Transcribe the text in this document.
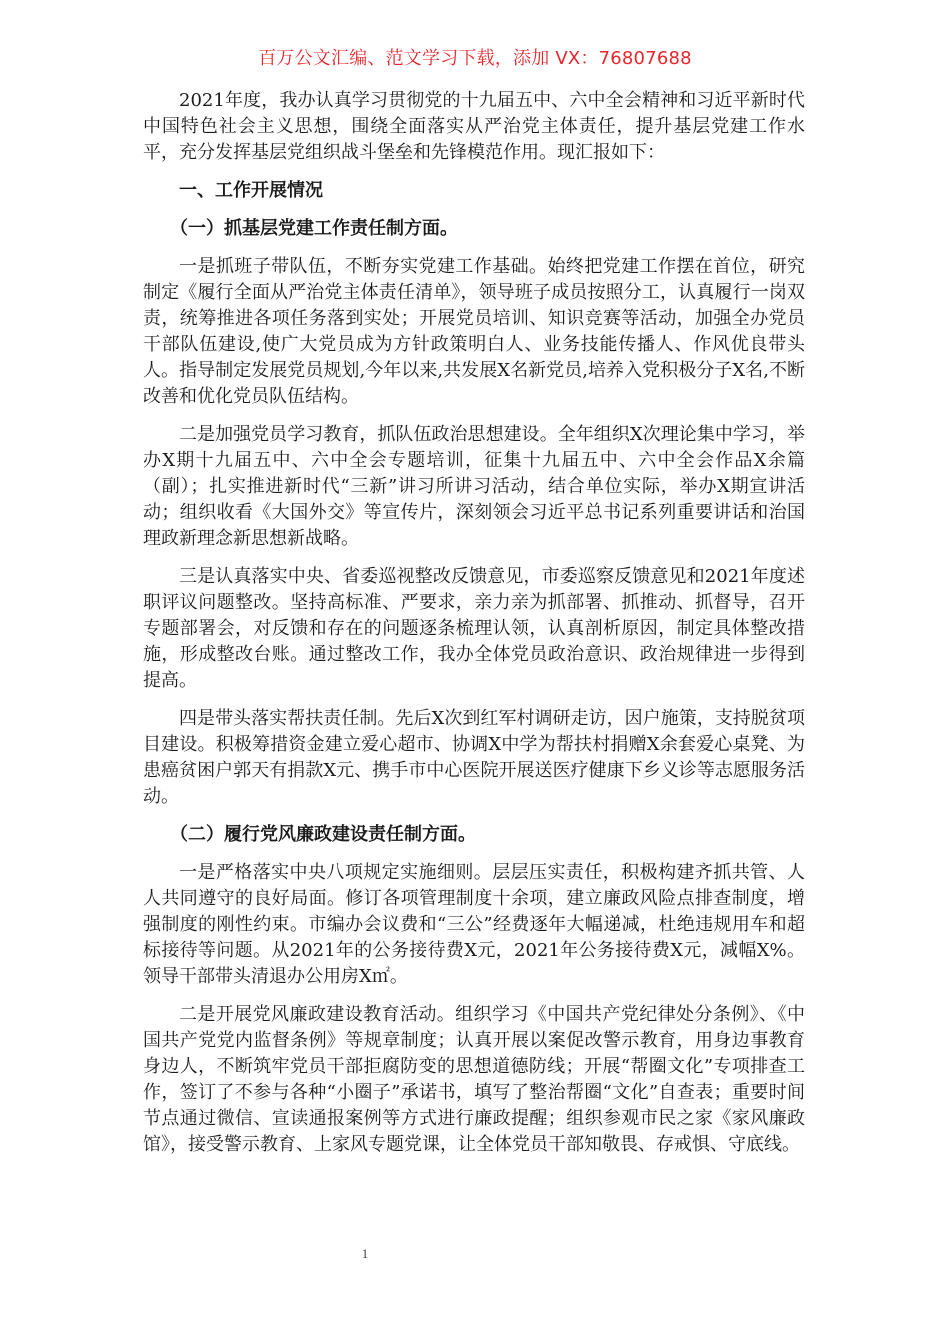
百万公文汇编、范文学习下载，添加 VX：76807688

2021年度，我办认真学习贯彻党的十九届五中、六中全会精神和习近平新时代中国特色社会主义思想，围绕全面落实从严治党主体责任，提升基层党建工作水平，充分发挥基层党组织战斗堡垒和先锋模范作用。现汇报如下：

一、工作开展情况

（一）抓基层党建工作责任制方面。

一是抓班子带队伍，不断夯实党建工作基础。始终把党建工作摆在首位，研究制定《履行全面从严治党主体责任清单》，领导班子成员按照分工，认真履行一岗双责，统筹推进各项任务落到实处；开展党员培训、知识竞赛等活动，加强全办党员干部队伍建设,使广大党员成为方针政策明白人、业务技能传播人、作风优良带头人。指导制定发展党员规划,今年以来,共发展X名新党员,培养入党积极分子X名,不断改善和优化党员队伍结构。

二是加强党员学习教育，抓队伍政治思想建设。全年组织X次理论集中学习，举办X期十九届五中、六中全会专题培训，征集十九届五中、六中全会作品X余篇（副）；扎实推进新时代“三新”讲习所讲习活动，结合单位实际，举办X期宣讲活动；组织收看《大国外交》等宣传片，深刻领会习近平总书记系列重要讲话和治国理政新理念新思想新战略。

三是认真落实中央、省委巡视整改反馈意见，市委巡察反馈意见和2021年度述职评议问题整改。坚持高标准、严要求，亲力亲为抓部署、抓推动、抓督导，召开专题部署会，对反馈和存在的问题逐条梳理认领，认真剖析原因，制定具体整改措施，形成整改台账。通过整改工作，我办全体党员政治意识、政治规律进一步得到提高。

四是带头落实帮扶责任制。先后X次到红军村调研走访，因户施策，支持脱贫项目建设。积极筹措资金建立爱心超市、协调X中学为帮扶村捐赠X余套爱心桌凳、为患癌贫困户郭天有捐款X元、携手市中心医院开展送医疗健康下乡义诊等志愿服务活动。

（二）履行党风廉政建设责任制方面。

一是严格落实中央八项规定实施细则。层层压实责任，积极构建齐抓共管、人人共同遵守的良好局面。修订各项管理制度十余项，建立廉政风险点排查制度，增强制度的刚性约束。市编办会议费和“三公”经费逐年大幅递减，杜绝违规用车和超标接待等问题。从2021年的公务接待费X元，2021年公务接待费X元，减幅X%。领导干部带头清退办公用房X㎡。

二是开展党风廉政建设教育活动。组织学习《中国共产党纪律处分条例》、《中国共产党党内监督条例》等规章制度；认真开展以案促改警示教育，用身边事教育身边人，不断筑牢党员干部拒腐防变的思想道德防线；开展“帮圈文化”专项排查工作，签订了不参与各种“小圈子”承诺书，填写了整治帮圈“文化”自查表；重要时间节点通过微信、宣读通报案例等方式进行廉政提醒；组织参观市民之家《家风廉政馆》，接受警示教育、上家风专题党课，让全体党员干部知敬畏、存戒惧、守底线。

1
